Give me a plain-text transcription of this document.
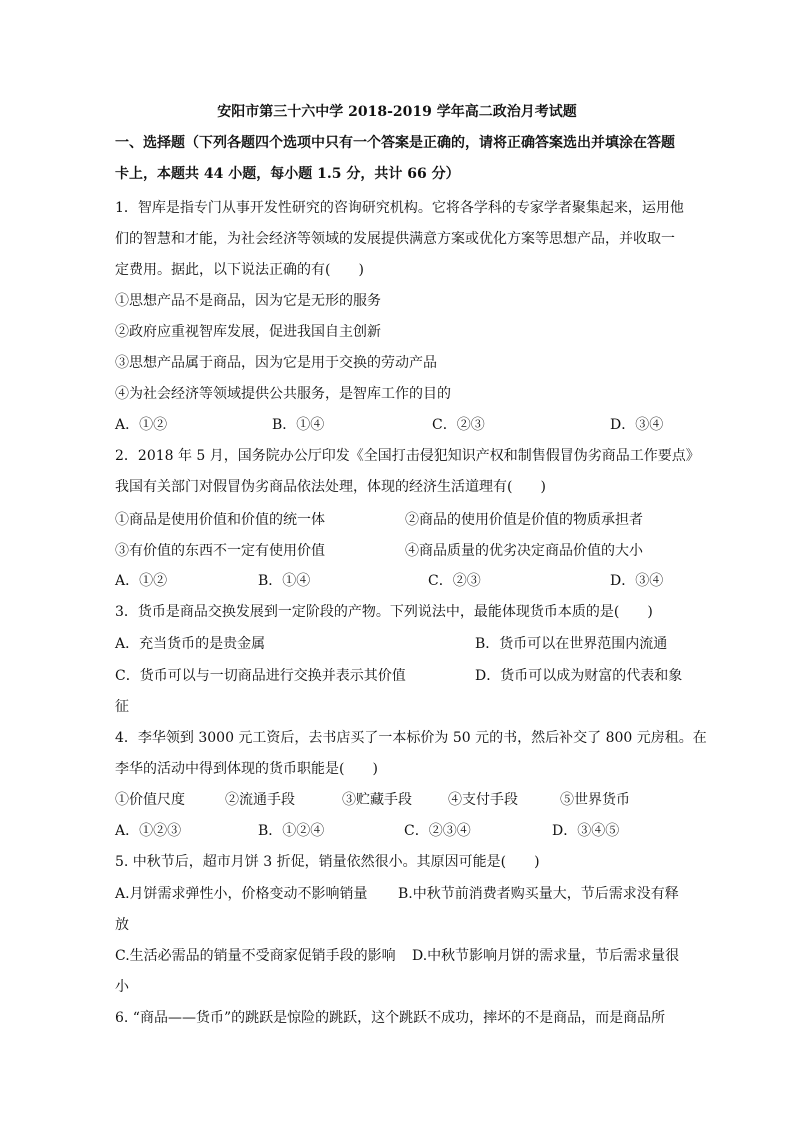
安阳市第三十六中学 2018-2019 学年高二政治月考试题
一、选择题（下列各题四个选项中只有一个答案是正确的，请将正确答案选出并填涂在答题
卡上，本题共 44 小题，每小题 1.5 分，共计 66 分）
1．智库是指专门从事开发性研究的咨询研究机构。它将各学科的专家学者聚集起来，运用他
们的智慧和才能，为社会经济等领域的发展提供满意方案或优化方案等思想产品，并收取一
定费用。据此，以下说法正确的有(　　)
①思想产品不是商品，因为它是无形的服务
②政府应重视智库发展，促进我国自主创新
③思想产品属于商品，因为它是用于交换的劳动产品
④为社会经济等领域提供公共服务，是智库工作的目的
A．①②	B．①④	C．②③	D．③④
2．2018 年 5 月，国务院办公厅印发《全国打击侵犯知识产权和制售假冒伪劣商品工作要点》
我国有关部门对假冒伪劣商品依法处理，体现的经济生活道理有(　　)
①商品是使用价值和价值的统一体	②商品的使用价值是价值的物质承担者
③有价值的东西不一定有使用价值	④商品质量的优劣决定商品价值的大小
A．①②	B．①④	C．②③	D．③④
3．货币是商品交换发展到一定阶段的产物。下列说法中，最能体现货币本质的是(　　)
A．充当货币的是贵金属	B．货币可以在世界范围内流通
C．货币可以与一切商品进行交换并表示其价值	D．货币可以成为财富的代表和象
征
4．李华领到 3000 元工资后，去书店买了一本标价为 50 元的书，然后补交了 800 元房租。在
李华的活动中得到体现的货币职能是(　　)
①价值尺度	②流通手段	③贮藏手段	④支付手段	⑤世界货币
A．①②③	B．①②④	C．②③④	D．③④⑤
5. 中秋节后，超市月饼 3 折促，销量依然很小。其原因可能是(　　)
A.月饼需求弹性小，价格变动不影响销量 B.中秋节前消费者购买量大，节后需求没有释
放
C.生活必需品的销量不受商家促销手段的影响 D.中秋节影响月饼的需求量，节后需求量很
小
6. “商品——货币”的跳跃是惊险的跳跃，这个跳跃不成功，摔坏的不是商品，而是商品所
